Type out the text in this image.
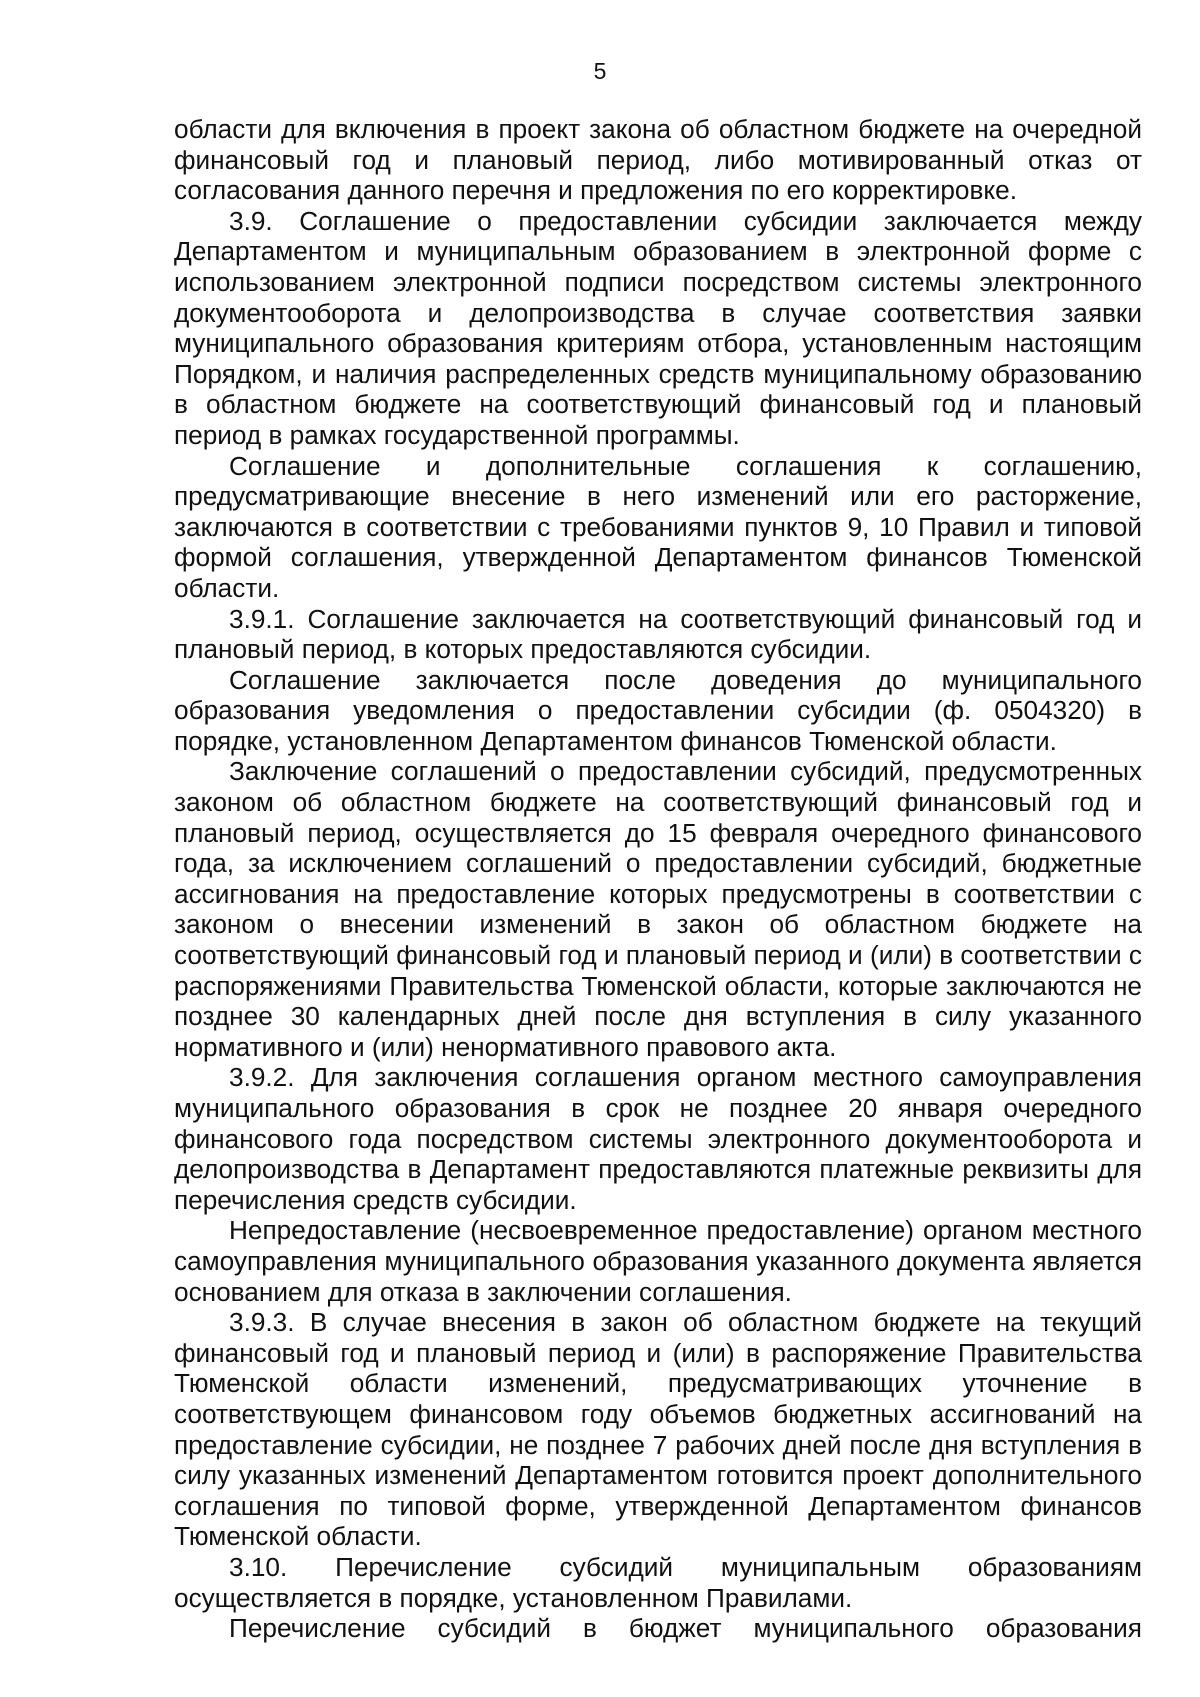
5

области для включения в проект закона об областном бюджете на очередной финансовый год и плановый период, либо мотивированный отказ от согласования данного перечня и предложения по его корректировке.

3.9. Соглашение о предоставлении субсидии заключается между Департаментом и муниципальным образованием в электронной форме с использованием электронной подписи посредством системы электронного документооборота и делопроизводства в случае соответствия заявки муниципального образования критериям отбора, установленным настоящим Порядком, и наличия распределенных средств муниципальному образованию в областном бюджете на соответствующий финансовый год и плановый период в рамках государственной программы.

Соглашение и дополнительные соглашения к соглашению, предусматривающие внесение в него изменений или его расторжение, заключаются в соответствии с требованиями пунктов 9, 10 Правил и типовой формой соглашения, утвержденной Департаментом финансов Тюменской области.

3.9.1. Соглашение заключается на соответствующий финансовый год и плановый период, в которых предоставляются субсидии.

Соглашение заключается после доведения до муниципального образования уведомления о предоставлении субсидии (ф. 0504320) в порядке, установленном Департаментом финансов Тюменской области.

Заключение соглашений о предоставлении субсидий, предусмотренных законом об областном бюджете на соответствующий финансовый год и плановый период, осуществляется до 15 февраля очередного финансового года, за исключением соглашений о предоставлении субсидий, бюджетные ассигнования на предоставление которых предусмотрены в соответствии с законом о внесении изменений в закон об областном бюджете на соответствующий финансовый год и плановый период и (или) в соответствии с распоряжениями Правительства Тюменской области, которые заключаются не позднее 30 календарных дней после дня вступления в силу указанного нормативного и (или) ненормативного правового акта.

3.9.2. Для заключения соглашения органом местного самоуправления муниципального образования в срок не позднее 20 января очередного финансового года посредством системы электронного документооборота и делопроизводства в Департамент предоставляются платежные реквизиты для перечисления средств субсидии.

Непредоставление (несвоевременное предоставление) органом местного самоуправления муниципального образования указанного документа является основанием для отказа в заключении соглашения.

3.9.3. В случае внесения в закон об областном бюджете на текущий финансовый год и плановый период и (или) в распоряжение Правительства Тюменской области изменений, предусматривающих уточнение в соответствующем финансовом году объемов бюджетных ассигнований на предоставление субсидии, не позднее 7 рабочих дней после дня вступления в силу указанных изменений Департаментом готовится проект дополнительного соглашения по типовой форме, утвержденной Департаментом финансов Тюменской области.

3.10. Перечисление субсидий муниципальным образованиям осуществляется в порядке, установленном Правилами.

Перечисление субсидий в бюджет муниципального образования
